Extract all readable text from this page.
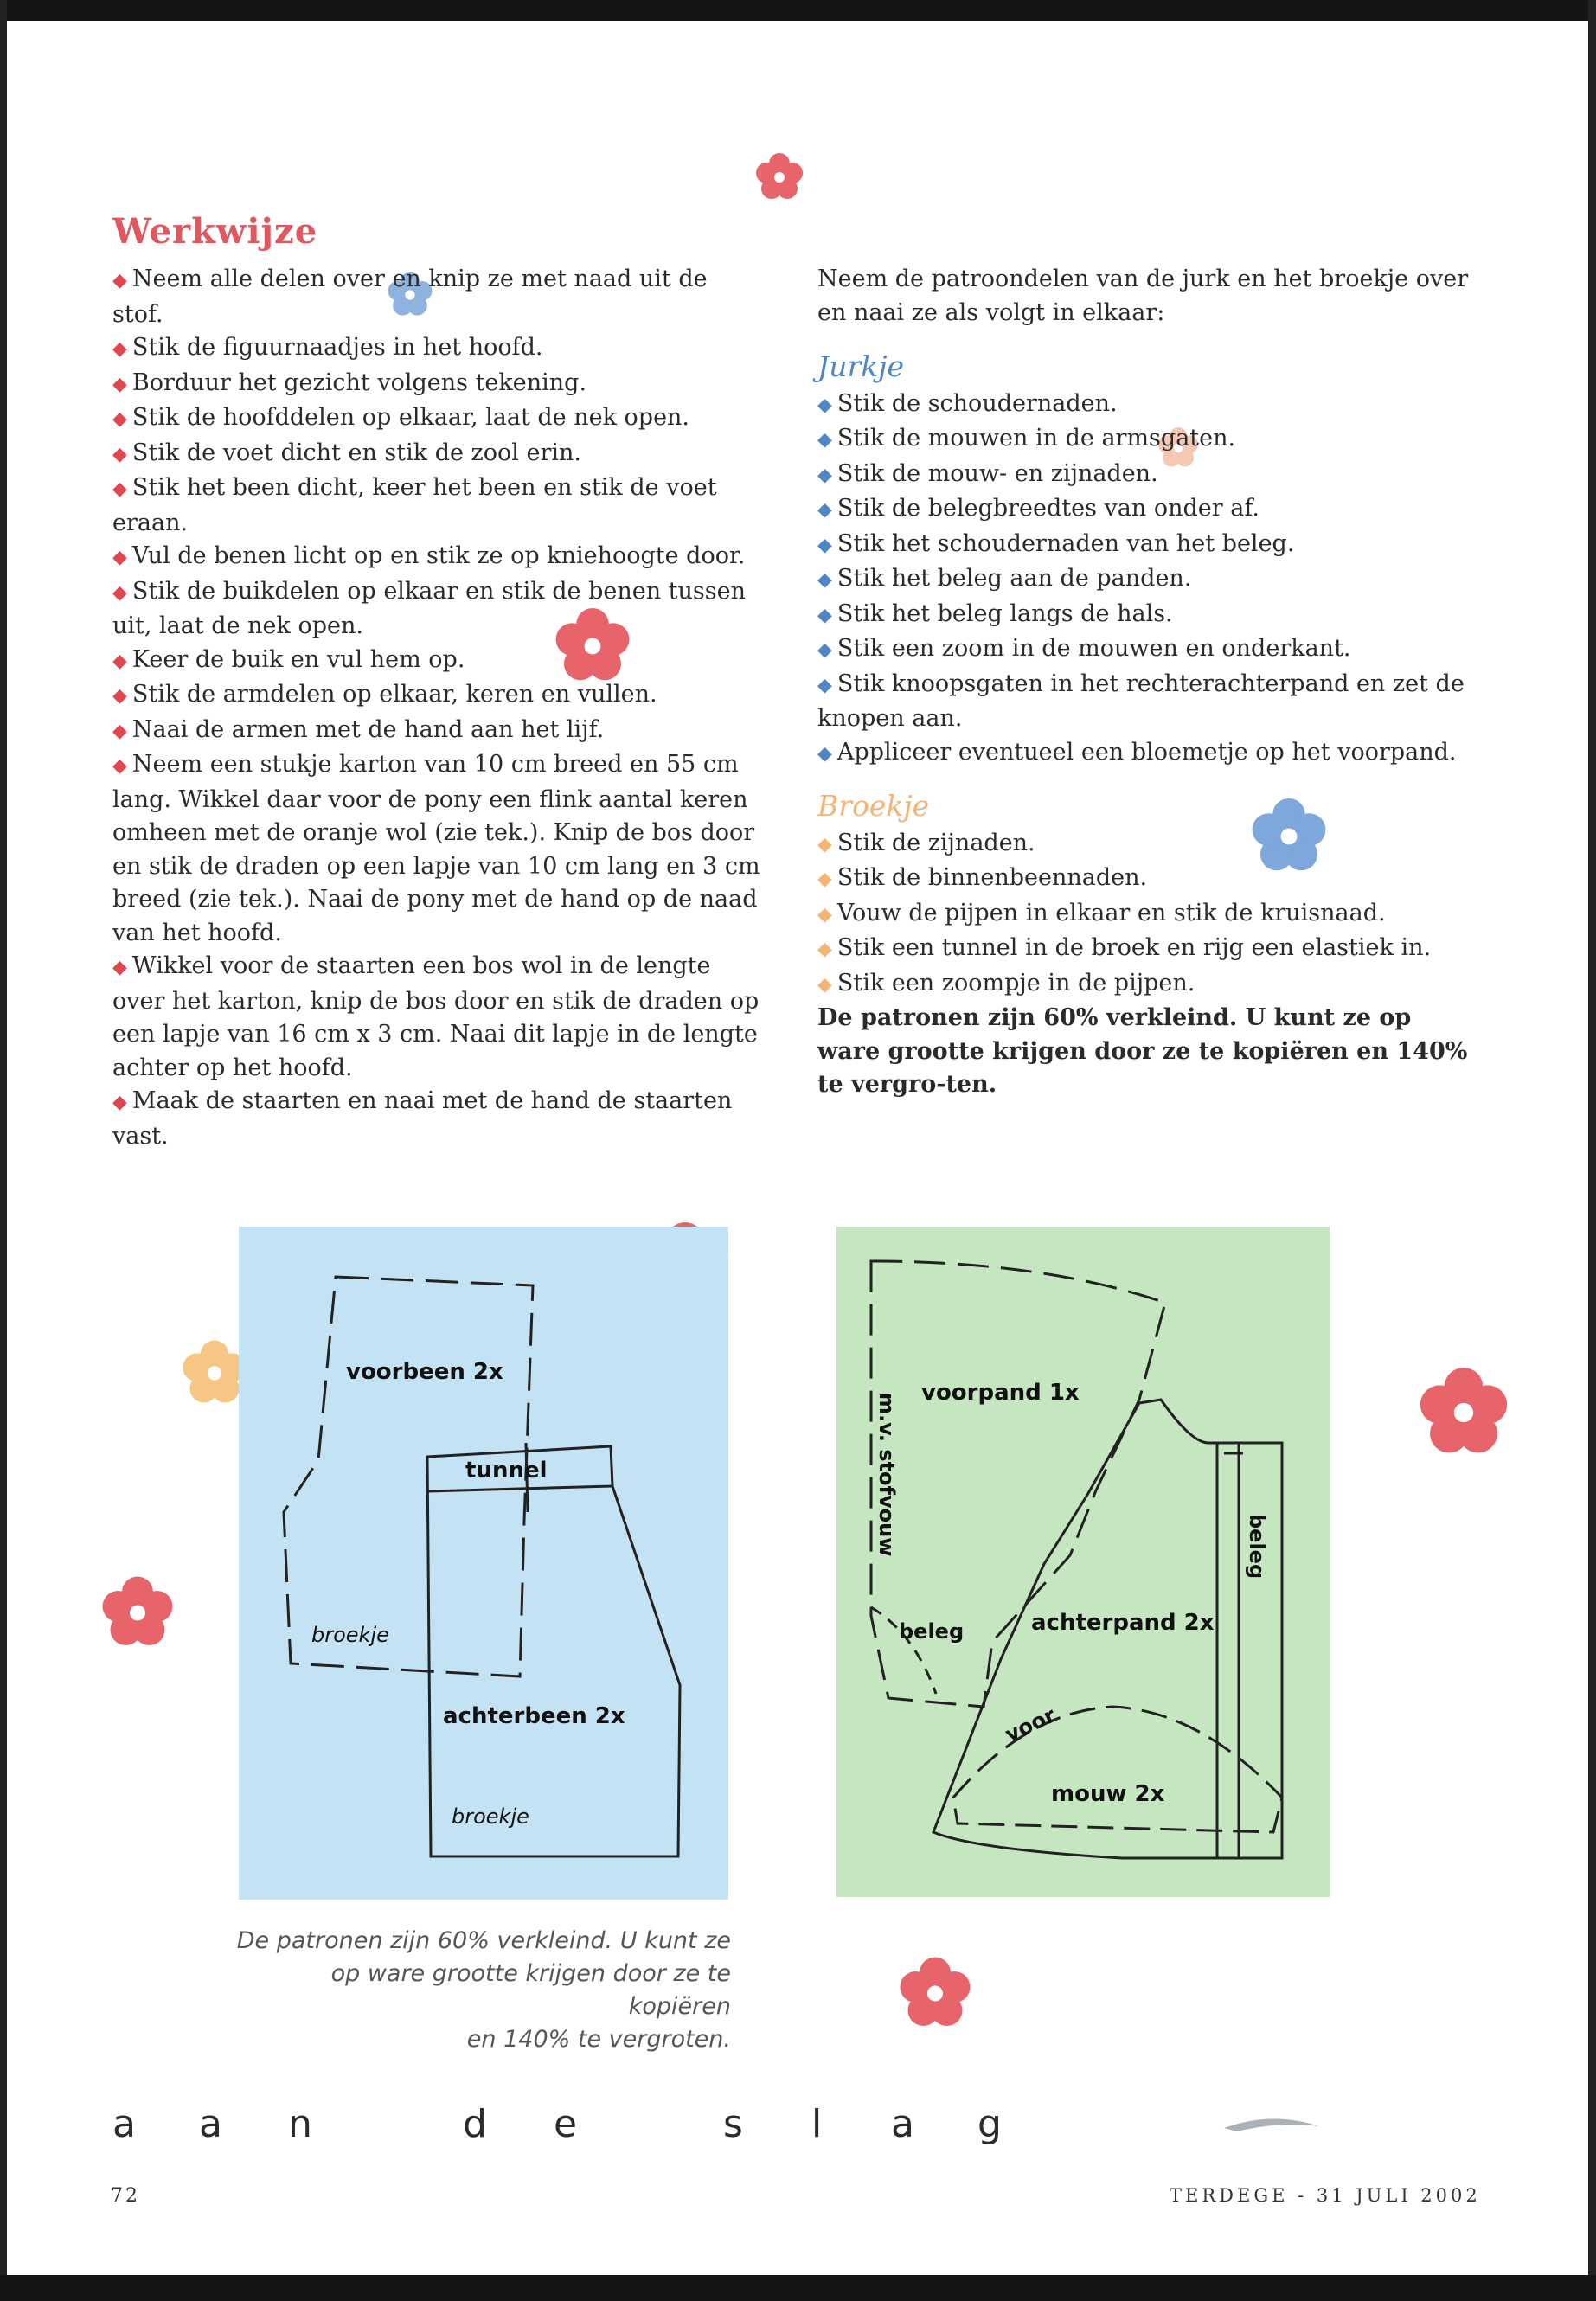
Werkwijze

◆ Neem alle delen over en knip ze met naad uit de stof.

◆ Stik de figuurnaadjes in het hoofd.

◆ Borduur het gezicht volgens tekening.

◆ Stik de hoofddelen op elkaar, laat de nek open.

◆ Stik de voet dicht en stik de zool erin.

◆ Stik het been dicht, keer het been en stik de voet eraan.

◆ Vul de benen licht op en stik ze op kniehoogte door.

◆ Stik de buikdelen op elkaar en stik de benen tussen uit, laat de nek open.

◆ Keer de buik en vul hem op.

◆ Stik de armdelen op elkaar, keren en vullen.

◆ Naai de armen met de hand aan het lijf.

◆ Neem een stukje karton van 10 cm breed en 55 cm lang. Wikkel daar voor de pony een flink aantal keren omheen met de oranje wol (zie tek.). Knip de bos door en stik de draden op een lapje van 10 cm lang en 3 cm breed (zie tek.). Naai de pony met de hand op de naad van het hoofd.

◆ Wikkel voor de staarten een bos wol in de lengte over het karton, knip de bos door en stik de draden op een lapje van 16 cm x 3 cm. Naai dit lapje in de lengte achter op het hoofd.

◆ Maak de staarten en naai met de hand de staarten vast.

Neem de patroondelen van de jurk en het broekje over en naai ze als volgt in elkaar:

Jurkje

◆ Stik de schoudernaden.

◆ Stik de mouwen in de armsgaten.

◆ Stik de mouw- en zijnaden.

◆ Stik de belegbreedtes van onder af.

◆ Stik het schoudernaden van het beleg.

◆ Stik het beleg aan de panden.

◆ Stik het beleg langs de hals.

◆ Stik een zoom in de mouwen en onderkant.

◆ Stik knoopsgaten in het rechterachterpand en zet de knopen aan.

◆ Appliceer eventueel een bloemetje op het voorpand.

Broekje

◆ Stik de zijnaden.

◆ Stik de binnenbeennaden.

◆ Vouw de pijpen in elkaar en stik de kruisnaad.

◆ Stik een tunnel in de broek en rijg een elastiek in.

◆ Stik een zoompje in de pijpen.

De patronen zijn 60% verkleind. U kunt ze op ware grootte krijgen door ze te kopiëren en 140% te vergro-ten.

voorbeen 2x
tunnel
broekje
achterbeen 2x
broekje
voorpand 1x
m.v. stofvouw
beleg
beleg
achterpand 2x
voor
mouw 2x
De patronen zijn 60% verkleind. U kunt ze
op ware grootte krijgen door ze te kopiëren
en 140% te vergroten.
a a n	d e	s l a g
72	TERDEGE - 31 JULI 2002
